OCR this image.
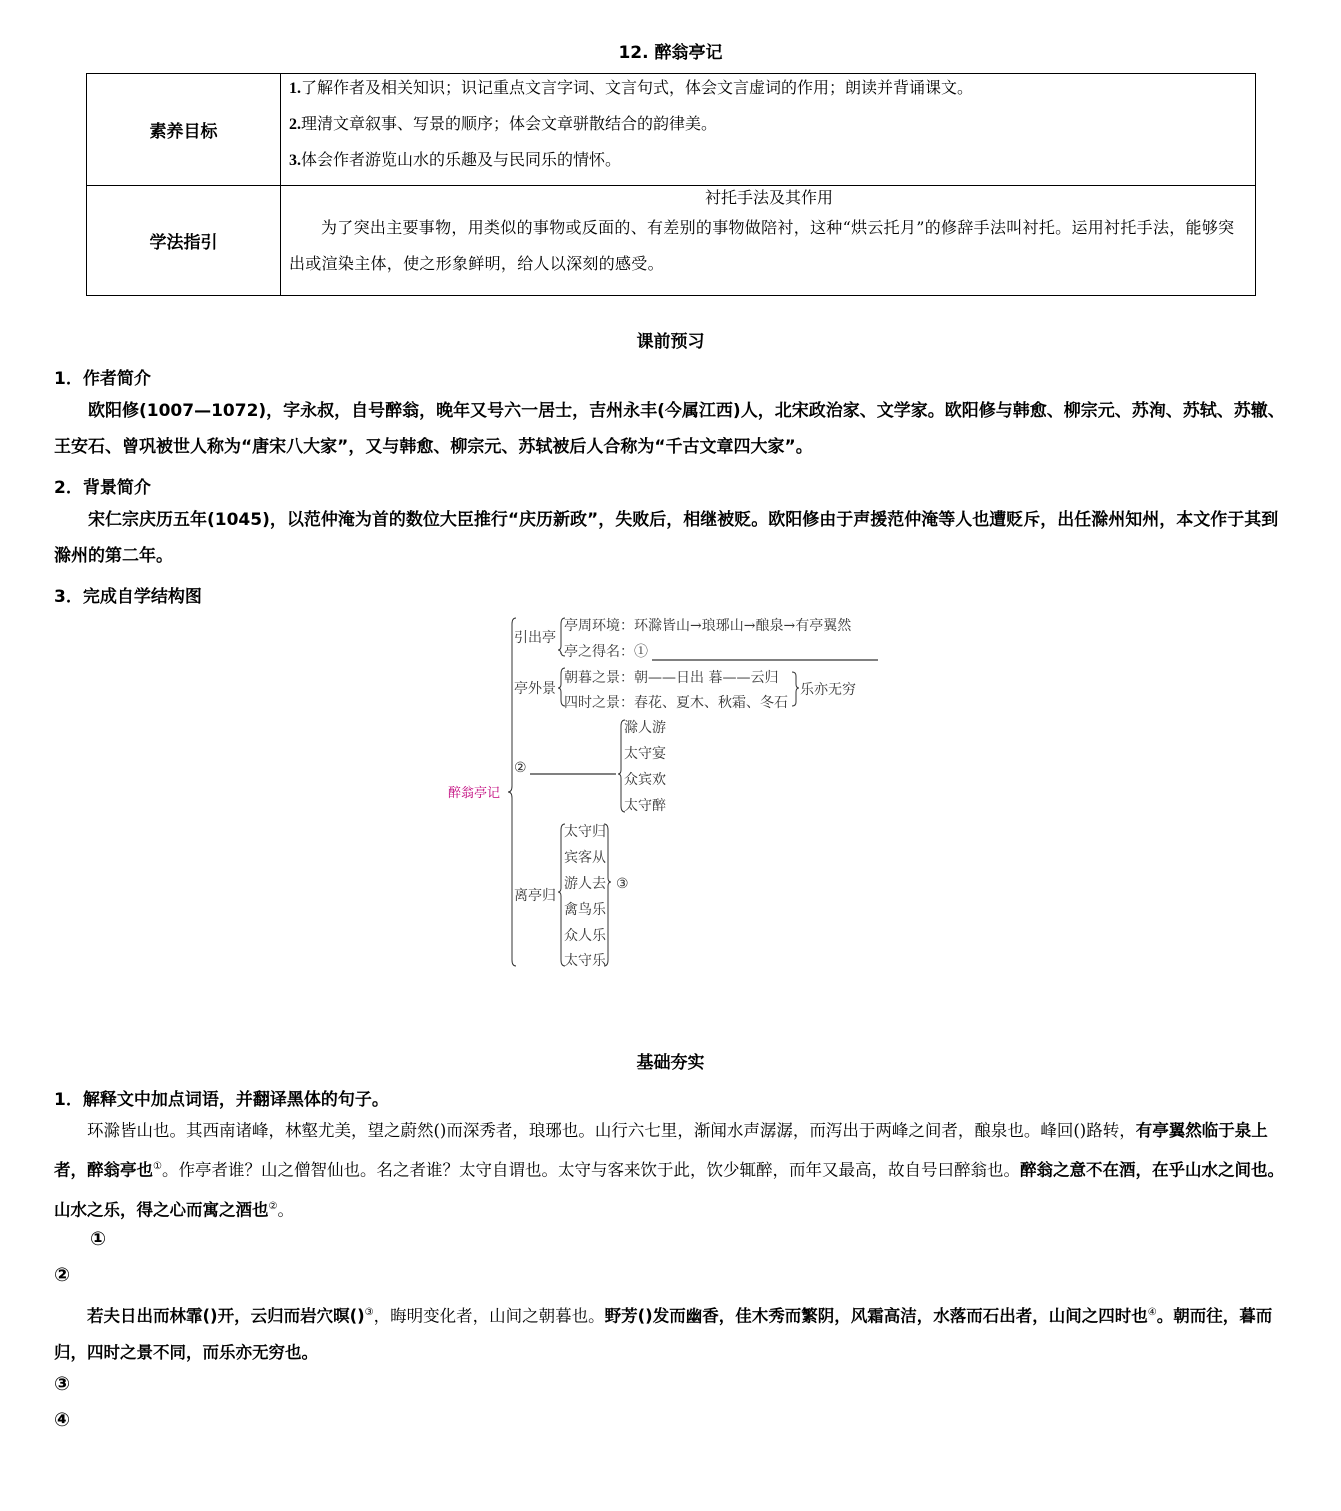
12. 醉翁亭记
素养目标	1.了解作者及相关知识；识记重点文言字词、文言句式，体会文言虚词的作用；朗读并背诵课文。
2.理清文章叙事、写景的顺序；体会文章骈散结合的韵律美。
3.体会作者游览山水的乐趣及与民同乐的情怀。

学法指引	衬托手法及其作用
为了突出主要事物，用类似的事物或反面的、有差别的事物做陪衬，这种“烘云托月”的修辞手法叫衬托。运用衬托手法，能够突出或渲染主体，使之形象鲜明，给人以深刻的感受。
课前预习
1．作者简介
欧阳修(1007—1072)，字永叔，自号醉翁，晚年又号六一居士，吉州永丰(今属江西)人，北宋政治家、文学家。欧阳修与韩愈、柳宗元、苏洵、苏轼、苏辙、王安石、曾巩被世人称为“唐宋八大家”，又与韩愈、柳宗元、苏轼被后人合称为“千古文章四大家”。
2．背景简介
宋仁宗庆历五年(1045)，以范仲淹为首的数位大臣推行“庆历新政”，失败后，相继被贬。欧阳修由于声援范仲淹等人也遭贬斥，出任滁州知州，本文作于其到滁州的第二年。
3．完成自学结构图
醉翁亭记
引出亭
亭周环境：环滁皆山→琅琊山→酿泉→有亭翼然
亭之得名：①
亭外景
朝暮之景：朝——日出 暮——云归
四时之景：春花、夏木、秋霜、冬石
乐亦无穷
②
滁人游
太守宴
众宾欢
太守醉
离亭归
太守归
宾客从
游人去
禽鸟乐
众人乐
太守乐
③
基础夯实
1．解释文中加点词语，并翻译黑体的句子。
环滁皆山也。其西南诸峰，林壑尤美，望之蔚然()而深秀者，琅琊也。山行六七里，渐闻水声潺潺，而泻出于两峰之间者，酿泉也。峰回()路转，有亭翼然临于泉上者，醉翁亭也①。作亭者谁？山之僧智仙也。名之者谁？太守自谓也。太守与客来饮于此，饮少辄醉，而年又最高，故自号曰醉翁也。醉翁之意不在酒，在乎山水之间也。山水之乐，得之心而寓之酒也②。
①
②
若夫日出而林霏()开，云归而岩穴暝()③，晦明变化者，山间之朝暮也。野芳()发而幽香，佳木秀而繁阴，风霜高洁，水落而石出者，山间之四时也④。朝而往，暮而归，四时之景不同，而乐亦无穷也。
③
④
